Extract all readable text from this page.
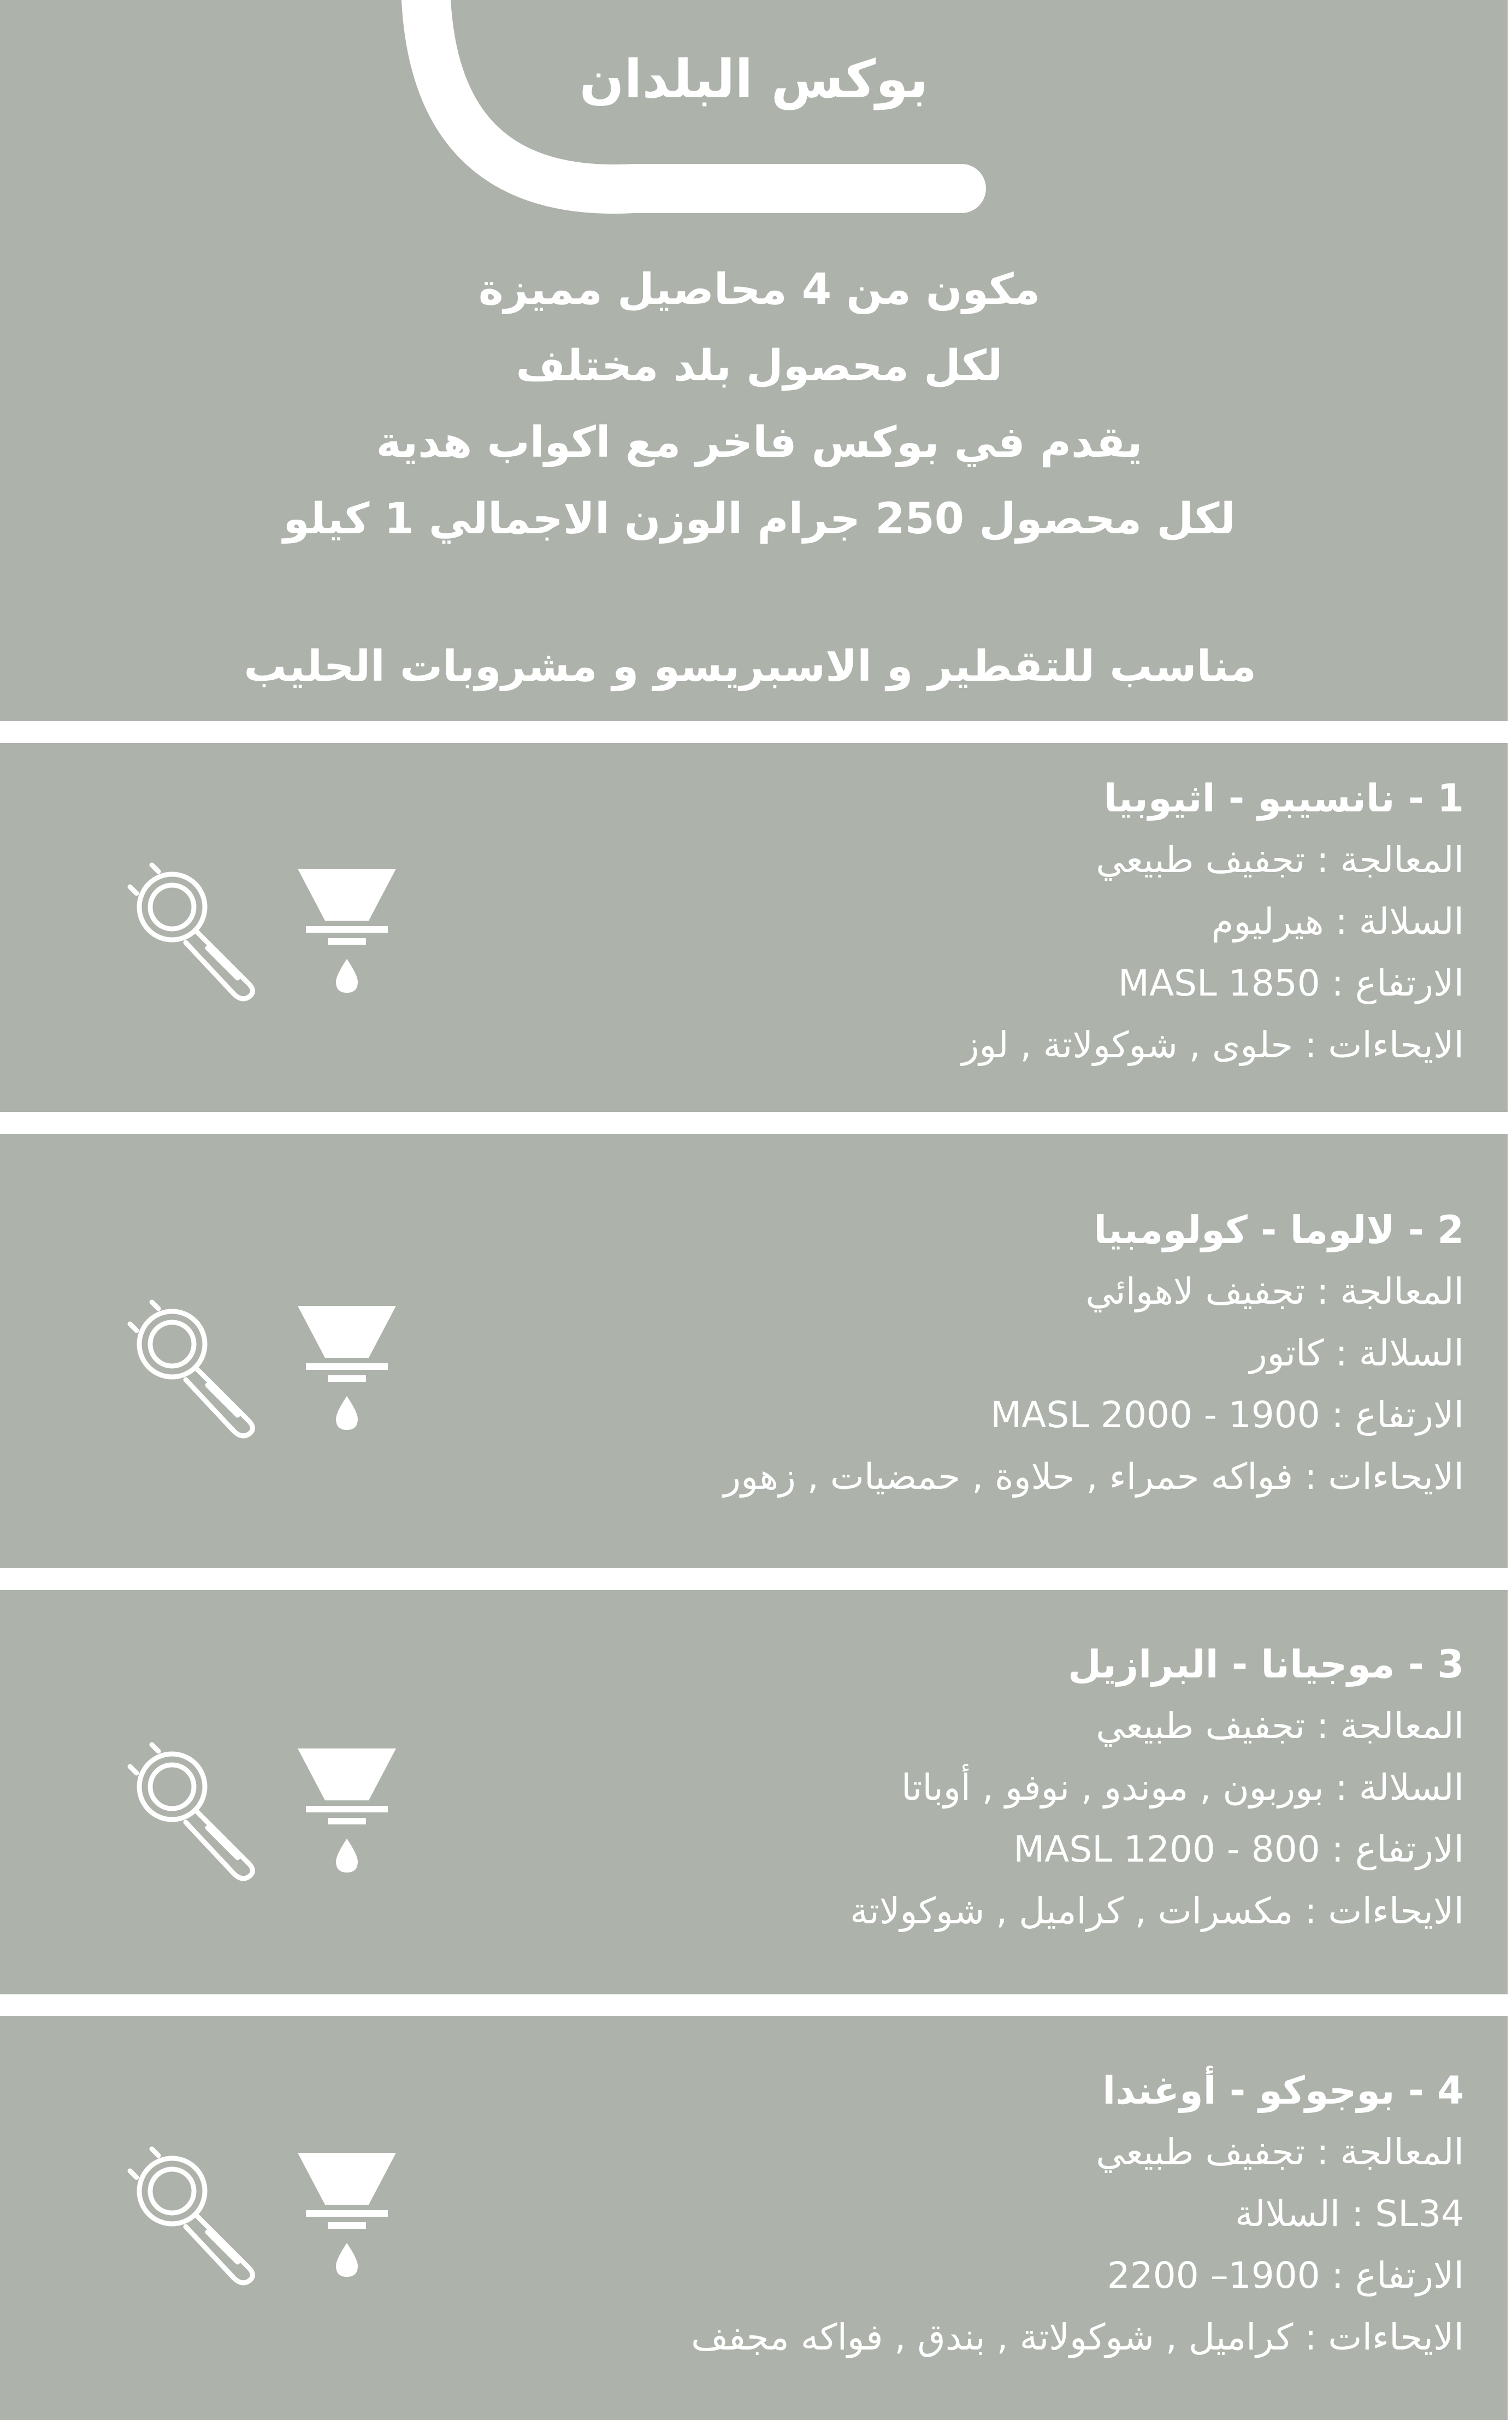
بوكس البلدان
مكون من 4 محاصيل مميزة
لكل محصول بلد مختلف
يقدم في بوكس فاخر مع اكواب هدية
لكل محصول 250 جرام الوزن الاجمالي 1 كيلو
مناسب للتقطير و الاسبريسو و مشروبات الحليب
1 - نانسيبو - اثيوبيا
المعالجة : تجفيف طبيعي
السلالة : هيرليوم
الارتفاع : MASL 1850
الايحاءات : حلوى , شوكولاتة , لوز
2 - لالوما - كولومبيا
المعالجة : تجفيف لاهوائي
السلالة : كاتور
الارتفاع : 1900 - 2000 MASL
الايحاءات : فواكه حمراء , حلاوة , حمضيات , زهور
3 - موجيانا - البرازيل
المعالجة : تجفيف طبيعي
السلالة : بوربون , موندو , نوفو , أوباتا
الارتفاع : 800 - 1200 MASL
الايحاءات : مكسرات , كراميل , شوكولاتة
4 - بوجوكو - أوغندا
المعالجة : تجفيف طبيعي
SL34 : السلالة
الارتفاع : 1900– 2200
الايحاءات : كراميل , شوكولاتة , بندق , فواكه مجفف
